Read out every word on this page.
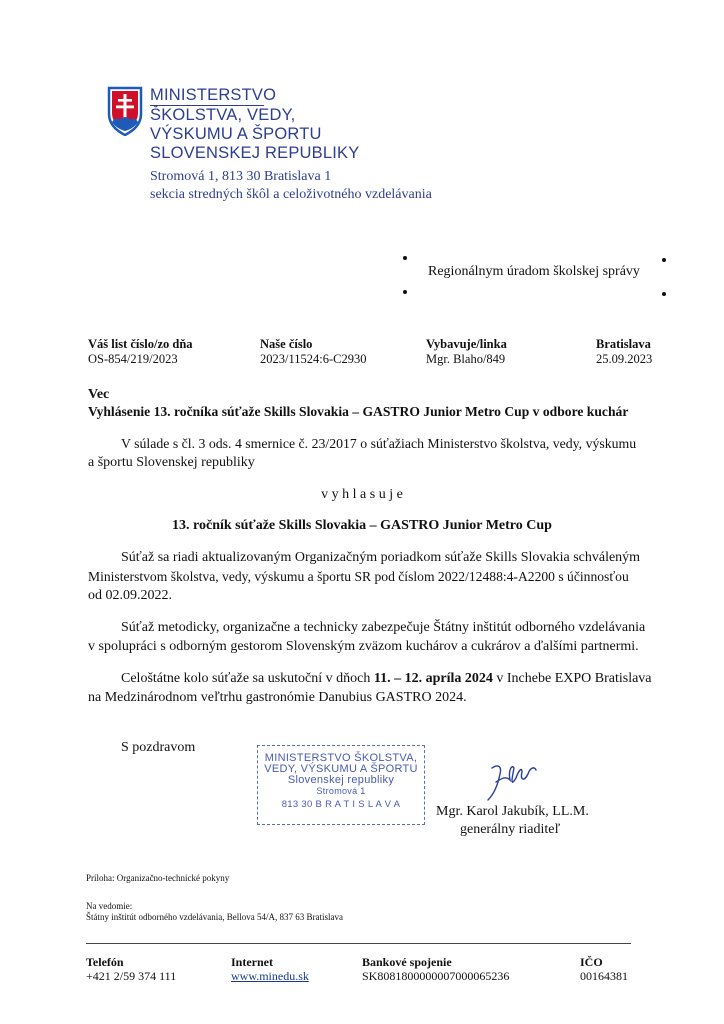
MINISTERSTVO
ŠKOLSTVA, VEDY,
VÝSKUMU A ŠPORTU
SLOVENSKEJ REPUBLIKY
Stromová 1, 813 30 Bratislava 1
sekcia stredných škôl a celoživotného vzdelávania
Regionálnym úradom školskej správy
Váš list číslo/zo dňa
OS-854/219/2023
Naše číslo
2023/11524:6-C2930
Vybavuje/linka
Mgr. Blaho/849
Bratislava
25.09.2023
Vec
Vyhlásenie 13. ročníka súťaže Skills Slovakia – GASTRO Junior Metro Cup v odbore kuchár
V súlade s čl. 3 ods. 4 smernice č. 23/2017 o súťažiach Ministerstvo školstva, vedy, výskumu
a športu Slovenskej republiky
v y h l a s u j e
13. ročník súťaže Skills Slovakia – GASTRO Junior Metro Cup
Súťaž sa riadi aktualizovaným Organizačným poriadkom súťaže Skills Slovakia schváleným
Ministerstvom školstva, vedy, výskumu a športu SR pod číslom 2022/12488:4-A2200 s účinnosťou
od 02.09.2022.
Súťaž metodicky, organizačne a technicky zabezpečuje Štátny inštitút odborného vzdelávania
v spolupráci s odborným gestorom Slovenským zväzom kuchárov a cukrárov a ďalšími partnermi.
Celoštátne kolo súťaže sa uskutoční v dňoch 11. – 12. apríla 2024 v Inchebe EXPO Bratislava
na Medzinárodnom veľtrhu gastronómie Danubius GASTRO 2024.
S pozdravom
MINISTERSTVO ŠKOLSTVA,
VEDY, VÝSKUMU A ŠPORTU
Slovenskej republiky
Stromová 1
813 30 B R A T I S L A V A	Mgr. Karol Jakubík, LL.M.
generálny riaditeľ
Príloha: Organizačno-technické pokyny
Na vedomie:
Štátny inštitút odborného vzdelávania, Bellova 54/A, 837 63 Bratislava
Telefón
+421 2/59 374 111
Internet
www.minedu.sk
Bankové spojenie
SK8081800000007000065236
IČO
00164381
